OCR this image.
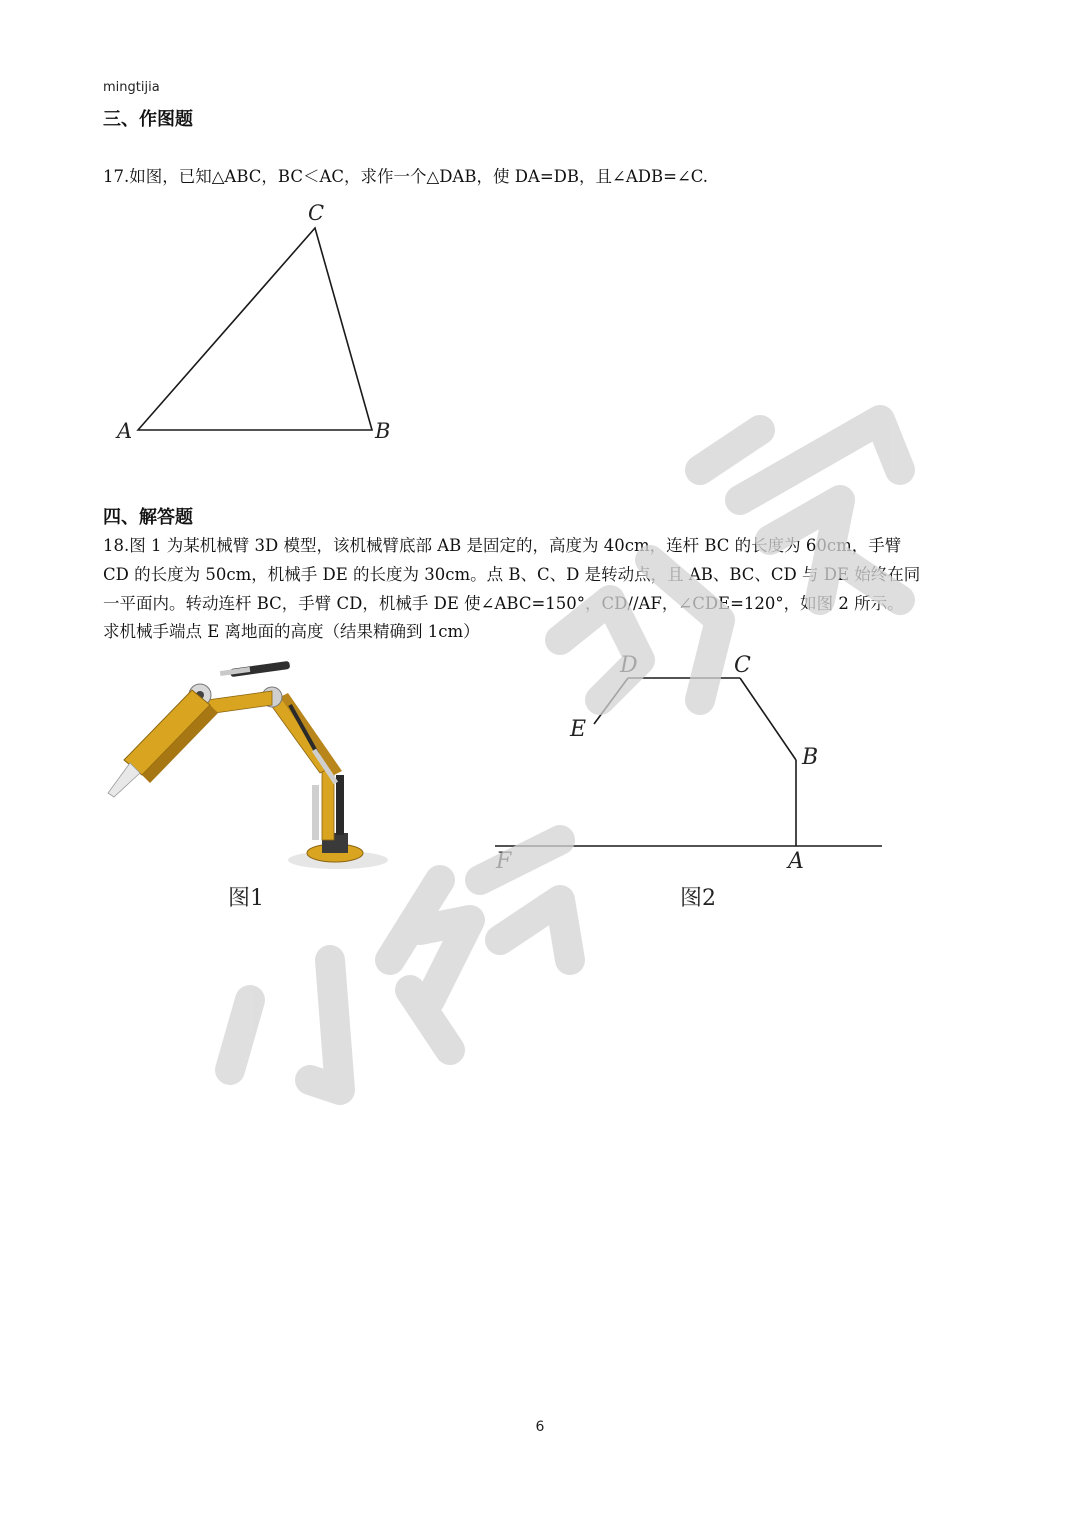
mingtijia
三、作图题
17.如图，已知△ABC，BC＜AC，求作一个△DAB，使 DA=DB，且∠ADB=∠C.
C
A	B
四、解答题
18.图 1 为某机械臂 3D 模型，该机械臂底部 AB 是固定的，高度为 40cm，连杆 BC 的长度为 60cm，手臂
CD 的长度为 50cm，机械手 DE 的长度为 30cm。点 B、C、D 是转动点，且 AB、BC、CD 与 DE 始终在同
一平面内。转动连杆 BC，手臂 CD，机械手 DE 使∠ABC=150°，CD//AF，∠CDE=120°，如图 2 所示。
求机械手端点 E 离地面的高度（结果精确到 1cm）
图1
D	C
E
B
F	A
图2
6
